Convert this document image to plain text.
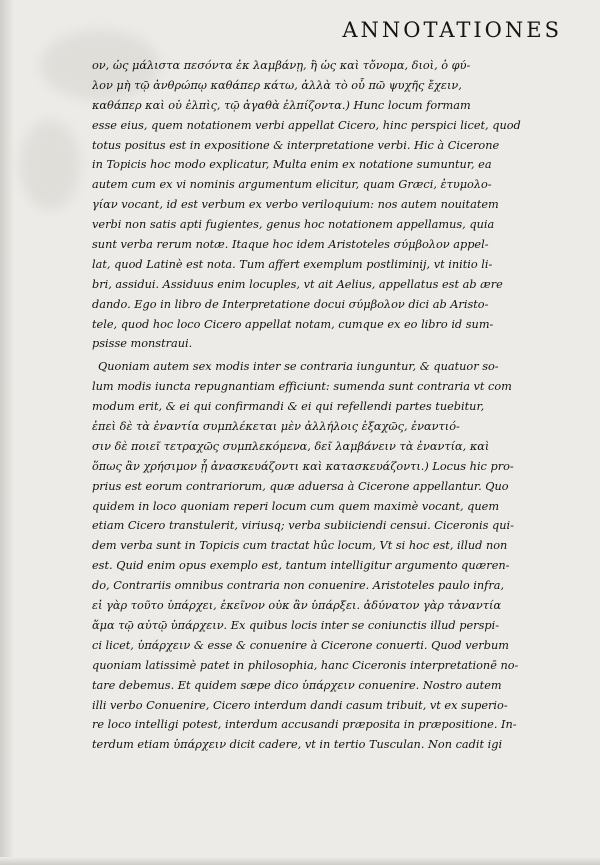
ANNOTATIONES
ον, ὡς μάλιστα πεσόντα ἐκ λαμβάνῃ, ἢ ὡς καὶ τὄνομα, διοὶ, ὁ φύ-
λον μὴ τῷ ἀνθρώπῳ καθάπερ κάτω, ἀλλὰ τὸ οὗ πῶ ψυχῆς ἔχειν,
καθάπερ καὶ οὐ ἐλπὶς, τῷ ἀγαθὰ ἐλπίζοντα.) Hunc locum formam
esse eius, quem notationem verbi appellat Cicero, hinc perspici licet, quod
totus positus est in expositione & interpretatione verbi. Hic à Cicerone
in Topicis hoc modo explicatur, Multa enim ex notatione sumuntur, ea
autem cum ex vi nominis argumentum elicitur, quam Græci, ἐτυμολο-
γίαν vocant, id est verbum ex verbo veriloquium: nos autem nouitatem
verbi non satis apti fugientes, genus hoc notationem appellamus, quia
sunt verba rerum notæ. Itaque hoc idem Aristoteles σύμβολον appel-
lat, quod Latinè est nota. Tum affert exemplum postliminij, vt initio li-
bri, assidui. Assiduus enim locuples, vt ait Aelius, appellatus est ab ære
dando. Ego in libro de Interpretatione docui σύμβολον dici ab Aristo-
tele, quod hoc loco Cicero appellat notam, cumque ex eo libro id sum-
psisse monstraui.
Quoniam autem sex modis inter se contraria iunguntur, & quatuor so-
lum modis iuncta repugnantiam efficiunt: sumenda sunt contraria vt com
modum erit, & ei qui confirmandi & ei qui refellendi partes tuebitur,
ἐπεὶ δὲ τὰ ἐναντία συμπλέκεται μὲν ἀλλήλοις ἑξαχῶς, ἐναντιό-
σιν δὲ ποιεῖ τετραχῶς συμπλεκόμενα, δεῖ λαμβάνειν τὰ ἐναντία, καὶ
ὅπως ἂν χρήσιμον ᾖ ἀνασκευάζοντι καὶ κατασκευάζοντι.) Locus hic pro-
prius est eorum contrariorum, quæ aduersa à Cicerone appellantur. Quo
quidem in loco quoniam reperi locum cum quem maximè vocant, quem
etiam Cicero transtulerit, viriusq; verba subiiciendi censui. Ciceronis qui-
dem verba sunt in Topicis cum tractat hûc locum, Vt si hoc est, illud non
est. Quid enim opus exemplo est, tantum intelligitur argumento quæren-
do, Contrariis omnibus contraria non conuenire. Aristoteles paulo infra,
εἰ γὰρ τοῦτο ὑπάρχει, ἐκεῖνον οὐκ ἂν ὑπάρξει. ἀδύνατον γὰρ τἀναντία
ἅμα τῷ αὐτῷ ὑπάρχειν. Ex quibus locis inter se coniunctis illud perspi-
ci licet, ὑπάρχειν & esse & conuenire à Cicerone conuerti. Quod verbum
quoniam latissimè patet in philosophia, hanc Ciceronis interpretationē no-
tare debemus. Et quidem sæpe dico ὑπάρχειν conuenire. Nostro autem
illi verbo Conuenire, Cicero interdum dandi casum tribuit, vt ex superio-
re loco intelligi potest, interdum accusandi præposita in præpositione. In-
terdum etiam ὑπάρχειν dicit cadere, vt in tertio Tusculan. Non cadit igi
